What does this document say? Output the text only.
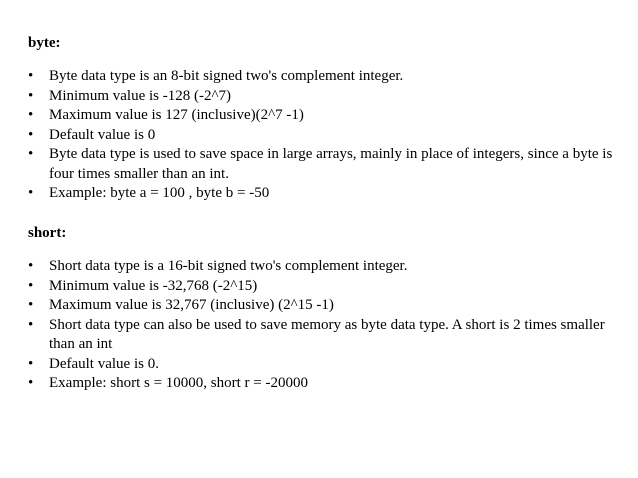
byte:

• Byte data type is an 8-bit signed two's complement integer.
• Minimum value is -128 (-2^7)
• Maximum value is 127 (inclusive)(2^7 -1)
• Default value is 0
• Byte data type is used to save space in large arrays, mainly in place of integers, since a byte is four times smaller than an int.
• Example: byte a = 100 , byte b = -50

short:

• Short data type is a 16-bit signed two's complement integer.
• Minimum value is -32,768 (-2^15)
• Maximum value is 32,767 (inclusive) (2^15 -1)
• Short data type can also be used to save memory as byte data type. A short is 2 times smaller than an int
• Default value is 0.
• Example: short s = 10000, short r = -20000
